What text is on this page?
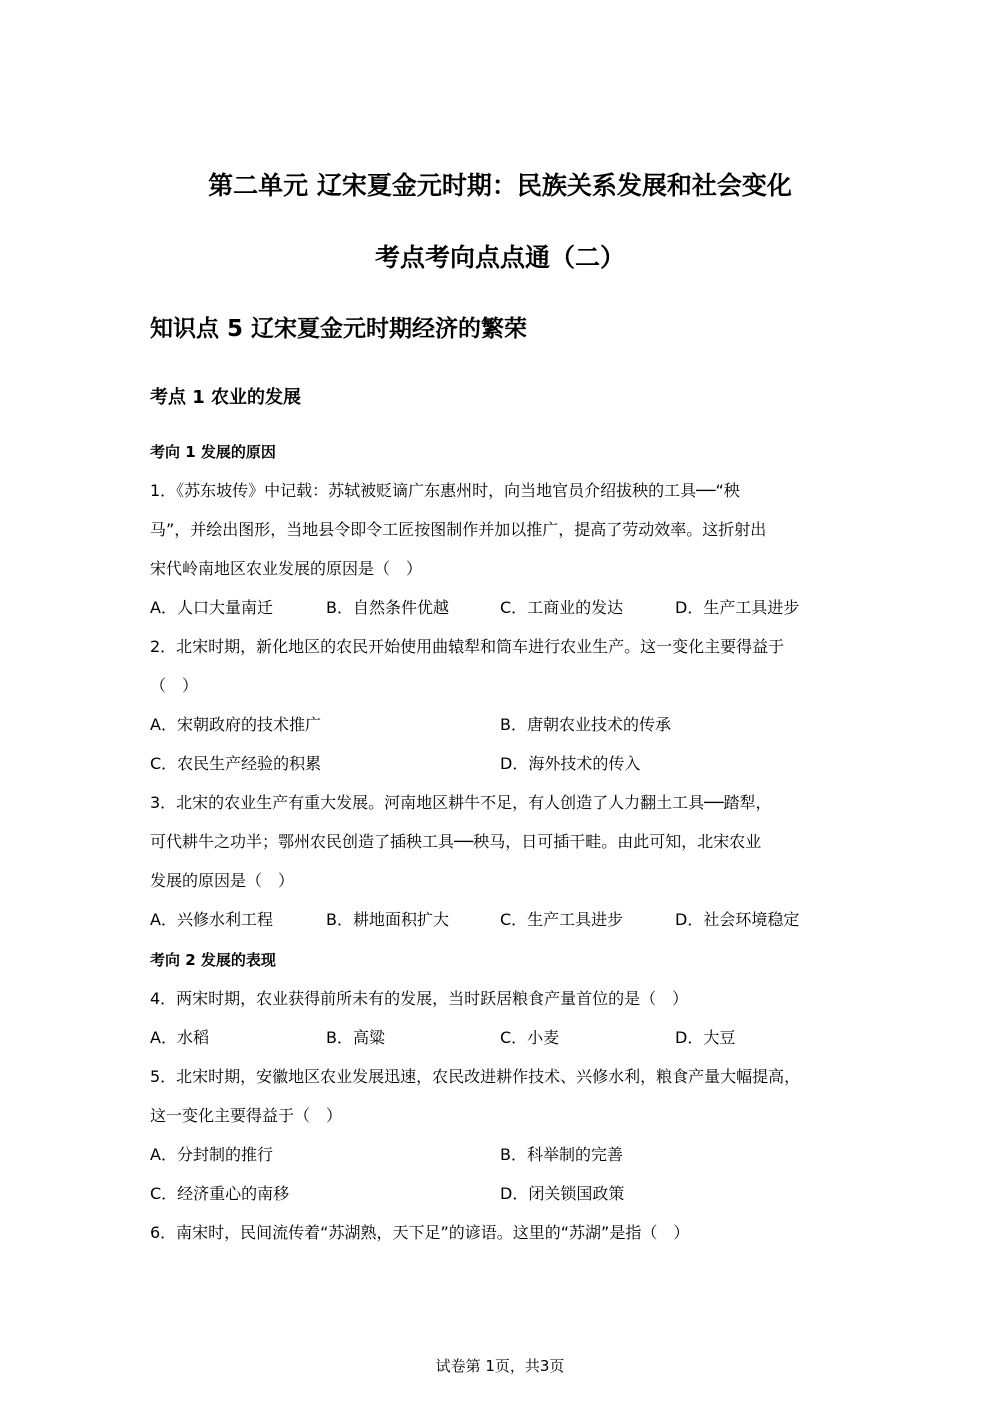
第二单元 辽宋夏金元时期：民族关系发展和社会变化
考点考向点点通（二）
知识点 5 辽宋夏金元时期经济的繁荣
考点 1 农业的发展
考向 1 发展的原因
1．《苏东坡传》中记载：苏轼被贬谪广东惠州时，向当地官员介绍拔秧的工具──“秧
马”，并绘出图形，当地县令即令工匠按图制作并加以推广，提高了劳动效率。这折射出
宋代岭南地区农业发展的原因是（　）
A．人口大量南迁	B．自然条件优越	C．工商业的发达	D．生产工具进步
2．北宋时期，新化地区的农民开始使用曲辕犁和筒车进行农业生产。这一变化主要得益于
（　）
A．宋朝政府的技术推广	B．唐朝农业技术的传承
C．农民生产经验的积累	D．海外技术的传入
3．北宋的农业生产有重大发展。河南地区耕牛不足，有人创造了人力翻土工具──踏犁，
可代耕牛之功半；鄂州农民创造了插秧工具──秧马，日可插干畦。由此可知，北宋农业
发展的原因是（　）
A．兴修水利工程	B．耕地面积扩大	C．生产工具进步	D．社会环境稳定
考向 2 发展的表现
4．两宋时期，农业获得前所未有的发展，当时跃居粮食产量首位的是（　）
A．水稻	B．高粱	C．小麦	D．大豆
5．北宋时期，安徽地区农业发展迅速，农民改进耕作技术、兴修水利，粮食产量大幅提高，
这一变化主要得益于（　）
A．分封制的推行	B．科举制的完善
C．经济重心的南移	D．闭关锁国政策
6．南宋时，民间流传着“苏湖熟，天下足”的谚语。这里的“苏湖”是指（　）
试卷第 1页，共3页
